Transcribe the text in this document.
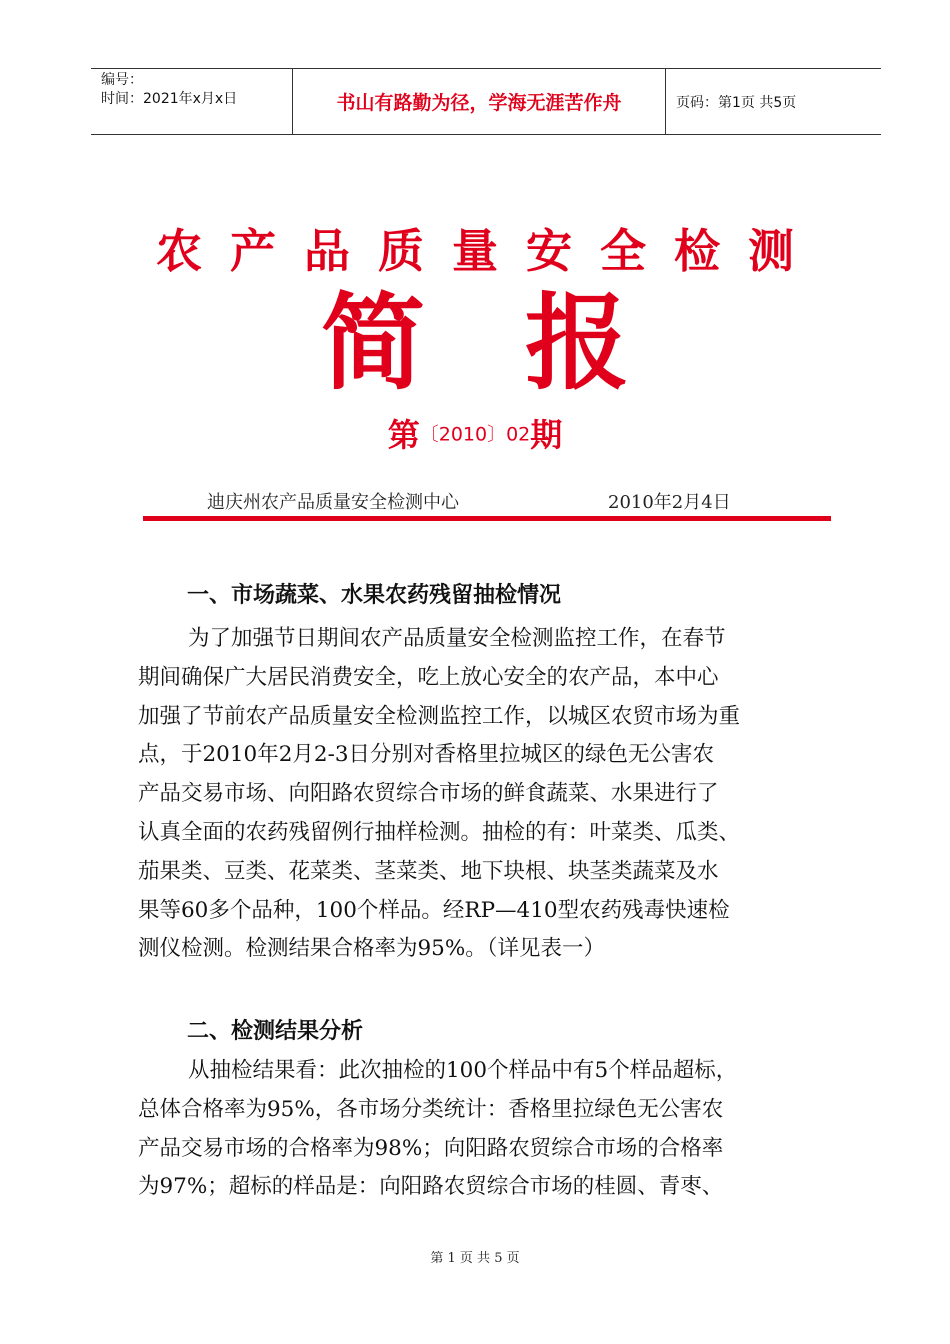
编号：
时间：2021年x月x日	书山有路勤为径，学海无涯苦作舟	页码：第1页 共5页
农产品质量安全检测
简报
第〔2010〕02期
迪庆州农产品质量安全检测中心	2010年2月4日
一、市场蔬菜、水果农药残留抽检情况
为了加强节日期间农产品质量安全检测监控工作，在春节
期间确保广大居民消费安全，吃上放心安全的农产品，本中心
加强了节前农产品质量安全检测监控工作，以城区农贸市场为重
点，于2010年2月2-3日分别对香格里拉城区的绿色无公害农
产品交易市场、向阳路农贸综合市场的鲜食蔬菜、水果进行了
认真全面的农药残留例行抽样检测。抽检的有：叶菜类、瓜类、
茄果类、豆类、花菜类、茎菜类、地下块根、块茎类蔬菜及水
果等60多个品种，100个样品。经RP—410型农药残毒快速检
测仪检测。检测结果合格率为95%。（详见表一）
二、检测结果分析
从抽检结果看：此次抽检的100个样品中有5个样品超标，
总体合格率为95%，各市场分类统计：香格里拉绿色无公害农
产品交易市场的合格率为98%；向阳路农贸综合市场的合格率
为97%；超标的样品是：向阳路农贸综合市场的桂圆、青枣、
第 1 页 共 5 页
